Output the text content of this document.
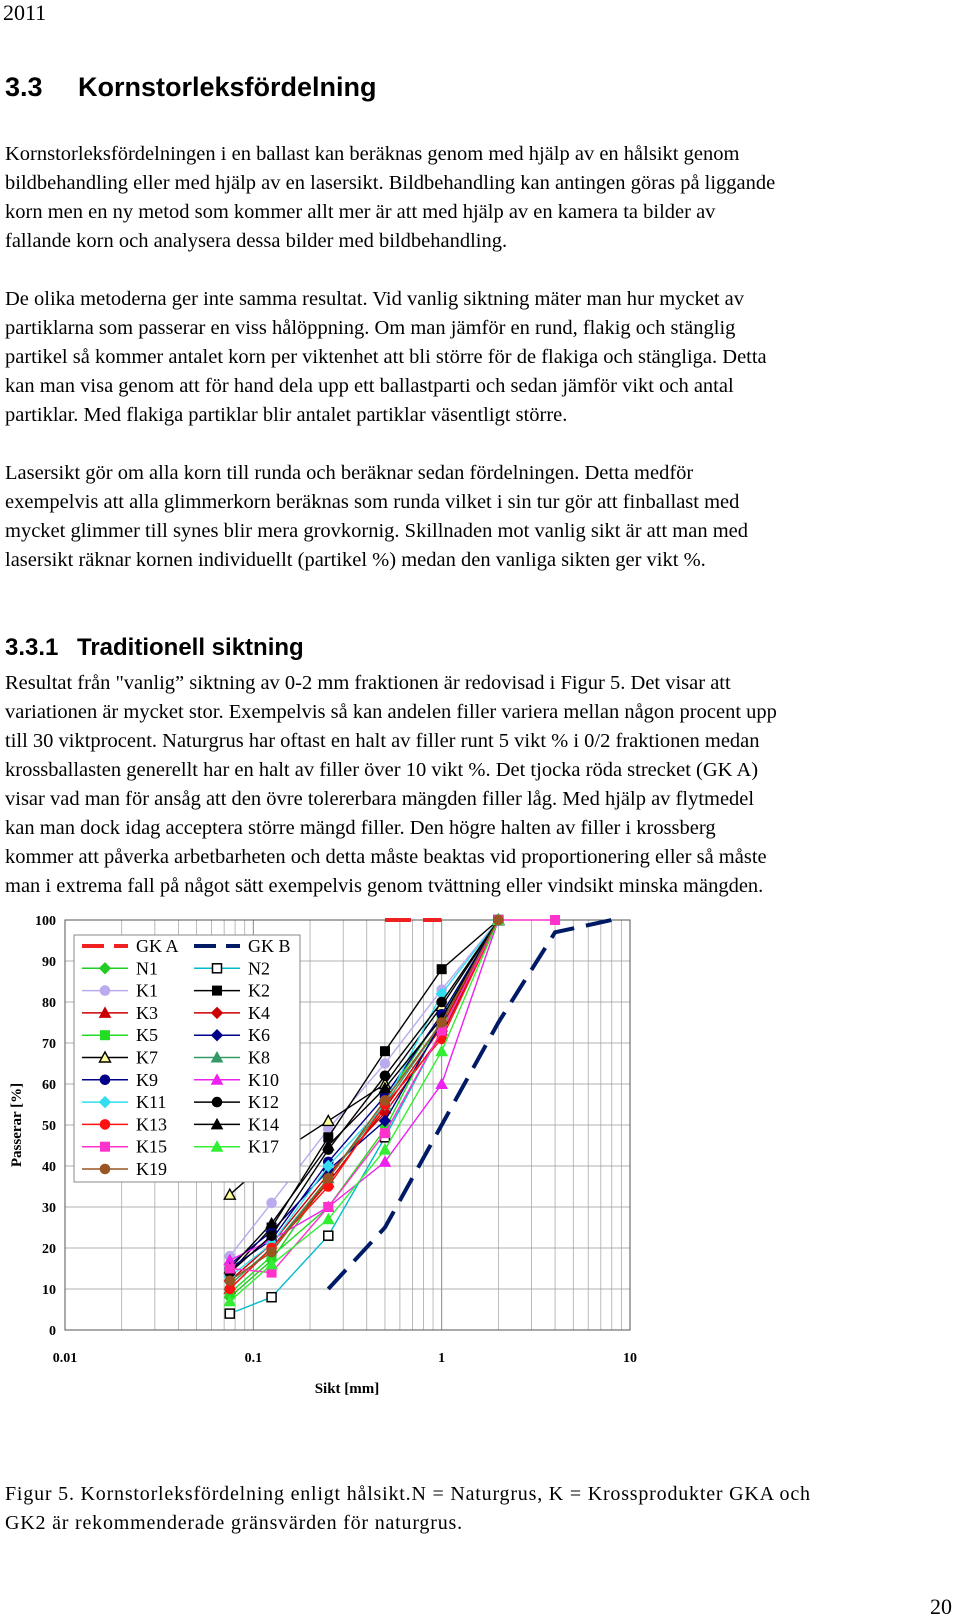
2011
3.3 Kornstorleksfördelning
Kornstorleksfördelningen i en ballast kan beräknas genom med hjälp av en hålsikt genom
bildbehandling eller med hjälp av en lasersikt. Bildbehandling kan antingen göras på liggande
korn men en ny metod som kommer allt mer är att med hjälp av en kamera ta bilder av
fallande korn och analysera dessa bilder med bildbehandling.
De olika metoderna ger inte samma resultat. Vid vanlig siktning mäter man hur mycket av
partiklarna som passerar en viss hålöppning. Om man jämför en rund, flakig och stänglig
partikel så kommer antalet korn per viktenhet att bli större för de flakiga och stängliga. Detta
kan man visa genom att för hand dela upp ett ballastparti och sedan jämför vikt och antal
partiklar. Med flakiga partiklar blir antalet partiklar väsentligt större.
Lasersikt gör om alla korn till runda och beräknar sedan fördelningen. Detta medför
exempelvis att alla glimmerkorn beräknas som runda vilket i sin tur gör att finballast med
mycket glimmer till synes blir mera grovkornig. Skillnaden mot vanlig sikt är att man med
lasersikt räknar kornen individuellt (partikel %) medan den vanliga sikten ger vikt %.
3.3.1 Traditionell siktning
Resultat från "vanlig” siktning av 0-2 mm fraktionen är redovisad i Figur 5. Det visar att
variationen är mycket stor. Exempelvis så kan andelen filler variera mellan någon procent upp
till 30 viktprocent. Naturgrus har oftast en halt av filler runt 5 vikt % i 0/2 fraktionen medan
krossballasten generellt har en halt av filler över 10 vikt %. Det tjocka röda strecket (GK A)
visar vad man för ansåg att den övre tolererbara mängden filler låg. Med hjälp av flytmedel
kan man dock idag acceptera större mängd filler. Den högre halten av filler i krossberg
kommer att påverka arbetbarheten och detta måste beaktas vid proportionering eller så måste
man i extrema fall på något sätt exempelvis genom tvättning eller vindsikt minska mängden.
GK A	GK B
N1	N2
K1	K2
K3	K4
K5	K6
K7	K8
K9	K10
K11	K12
K13	K14
K15	K17
K19
0
10
20
30
40
50
60
70
80
90
100
0.01	0.1	1	10
Sikt [mm]
Passerar [%]
Figur 5. Kornstorleksfördelning enligt hålsikt.N = Naturgrus, K = Krossprodukter GKA och
GK2 är rekommenderade gränsvärden för naturgrus.
20
